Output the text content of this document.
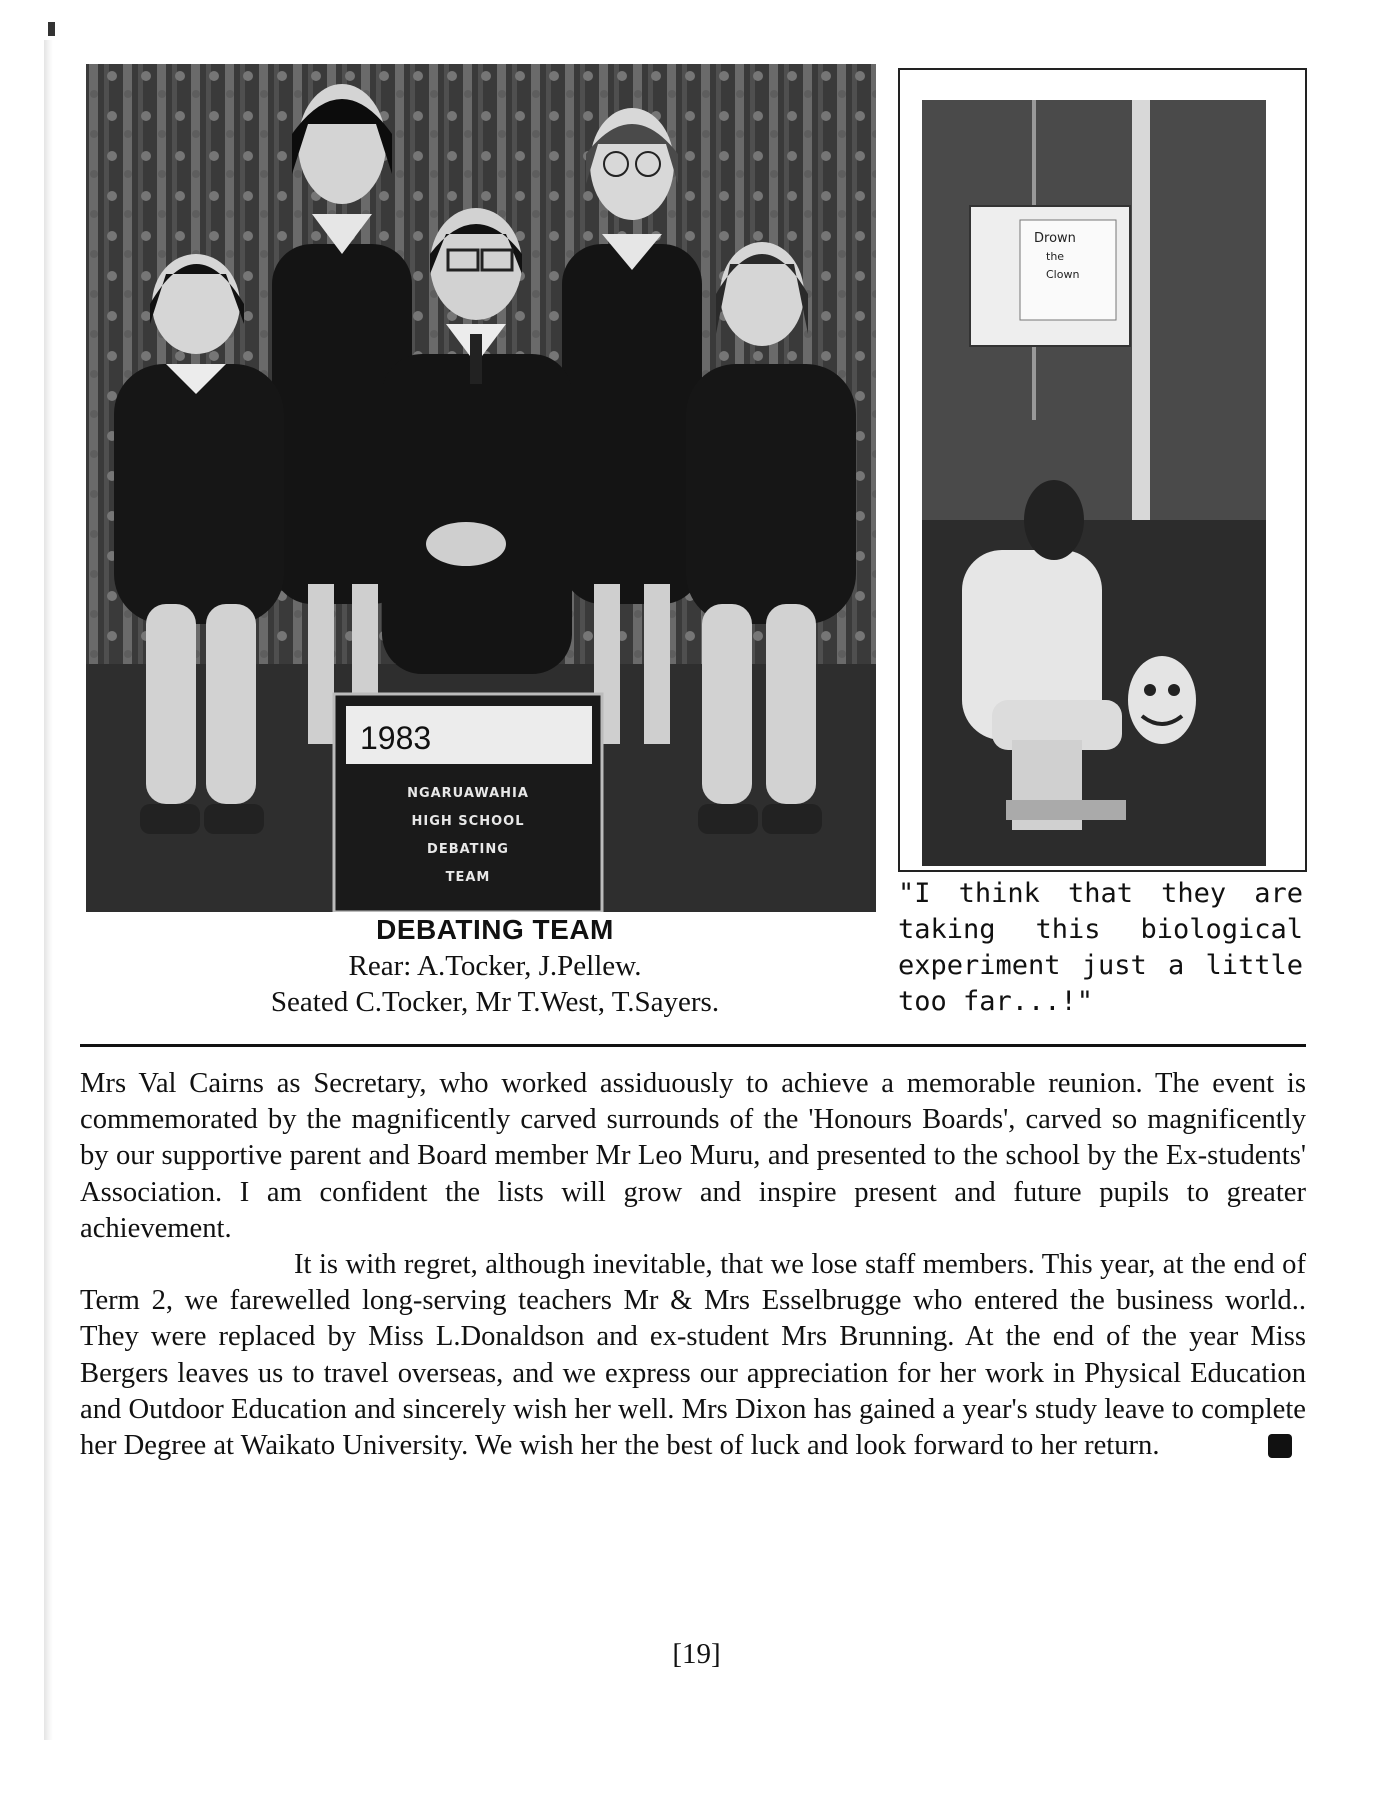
1983
NGARUAWAHIA
HIGH SCHOOL
DEBATING
TEAM
Drown
the
Clown
DEBATING TEAM
Rear: A.Tocker, J.Pellew.
Seated C.Tocker, Mr T.West, T.Sayers.
"I think that they are taking this biological experiment just a little too far...!"

Mrs Val Cairns as Secretary, who worked assiduously to achieve a memorable reunion. The event is commemorated by the magnificently carved surrounds of the 'Honours Boards', carved so magnificently by our supportive parent and Board member Mr Leo Muru, and presented to the school by the Ex-students' Association. I am confident the lists will grow and inspire present and future pupils to greater achievement.

It is with regret, although inevitable, that we lose staff members. This year, at the end of Term 2, we farewelled long-serving teachers Mr & Mrs Esselbrugge who entered the business world.. They were replaced by Miss L.Donaldson and ex-student Mrs Brunning. At the end of the year Miss Bergers leaves us to travel overseas, and we express our appreciation for her work in Physical Education and Outdoor Education and sincerely wish her well. Mrs Dixon has gained a year's study leave to complete her Degree at Waikato University. We wish her the best of luck and look forward to her return.

[19]
